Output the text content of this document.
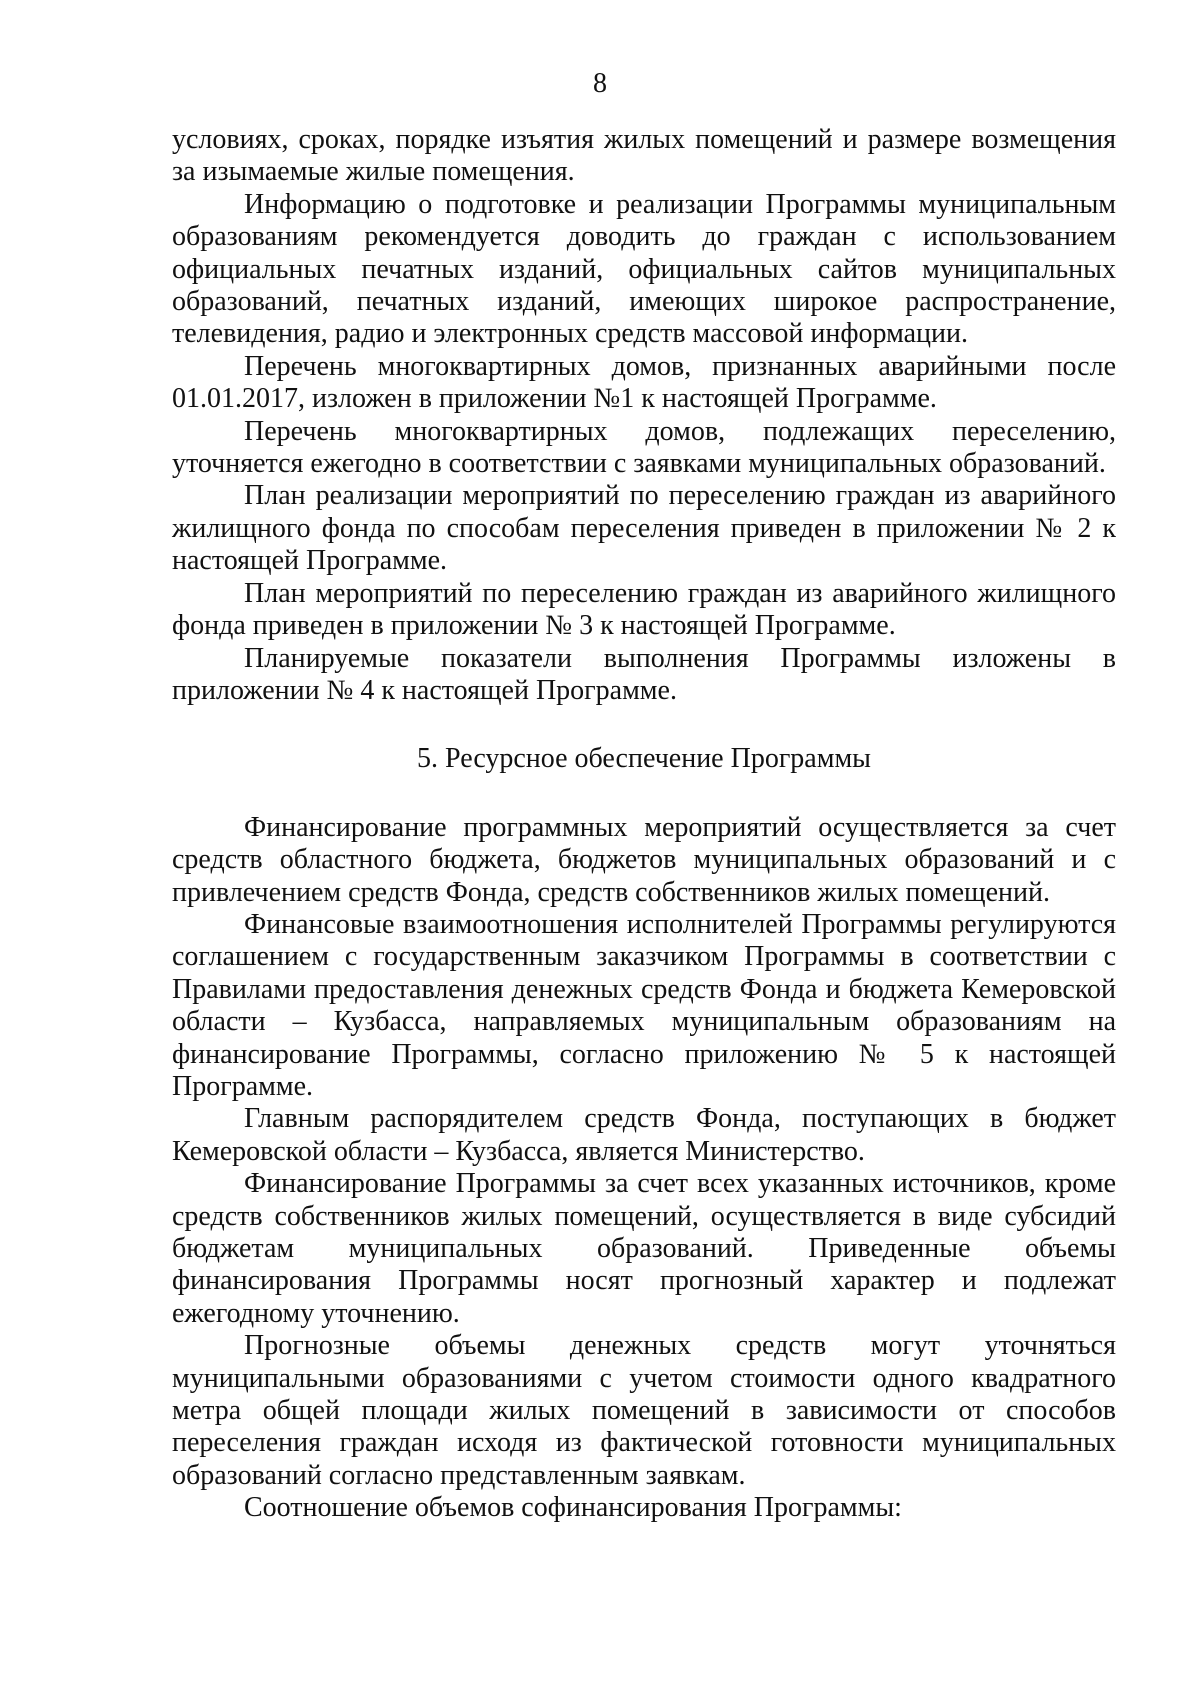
8

условиях, сроках, порядке изъятия жилых помещений и размере возмещения за изымаемые жилые помещения.

Информацию о подготовке и реализации Программы муниципальным образованиям рекомендуется доводить до граждан с использованием официальных печатных изданий, официальных сайтов муниципальных образований, печатных изданий, имеющих широкое распространение, телевидения, радио и электронных средств массовой информации.

Перечень многоквартирных домов, признанных аварийными после 01.01.2017, изложен в приложении №1 к настоящей Программе.

Перечень многоквартирных домов, подлежащих переселению, уточняется ежегодно в соответствии с заявками муниципальных образований.

План реализации мероприятий по переселению граждан из аварийного жилищного фонда по способам переселения приведен в приложении № 2 к настоящей Программе.

План мероприятий по переселению граждан из аварийного жилищного фонда приведен в приложении № 3 к настоящей Программе.

Планируемые показатели выполнения Программы изложены в приложении № 4 к настоящей Программе.

5. Ресурсное обеспечение Программы

Финансирование программных мероприятий осуществляется за счет средств областного бюджета, бюджетов муниципальных образований и с привлечением средств Фонда, средств собственников жилых помещений.

Финансовые взаимоотношения исполнителей Программы регулируются соглашением с государственным заказчиком Программы в соответствии с Правилами предоставления денежных средств Фонда и бюджета Кемеровской области – Кузбасса, направляемых муниципальным образованиям на финансирование Программы, согласно приложению № 5 к настоящей Программе.

Главным распорядителем средств Фонда, поступающих в бюджет Кемеровской области – Кузбасса, является Министерство.

Финансирование Программы за счет всех указанных источников, кроме средств собственников жилых помещений, осуществляется в виде субсидий бюджетам муниципальных образований. Приведенные объемы финансирования Программы носят прогнозный характер и подлежат ежегодному уточнению.

Прогнозные объемы денежных средств могут уточняться муниципальными образованиями с учетом стоимости одного квадратного метра общей площади жилых помещений в зависимости от способов переселения граждан исходя из фактической готовности муниципальных образований согласно представленным заявкам.

Соотношение объемов софинансирования Программы:
